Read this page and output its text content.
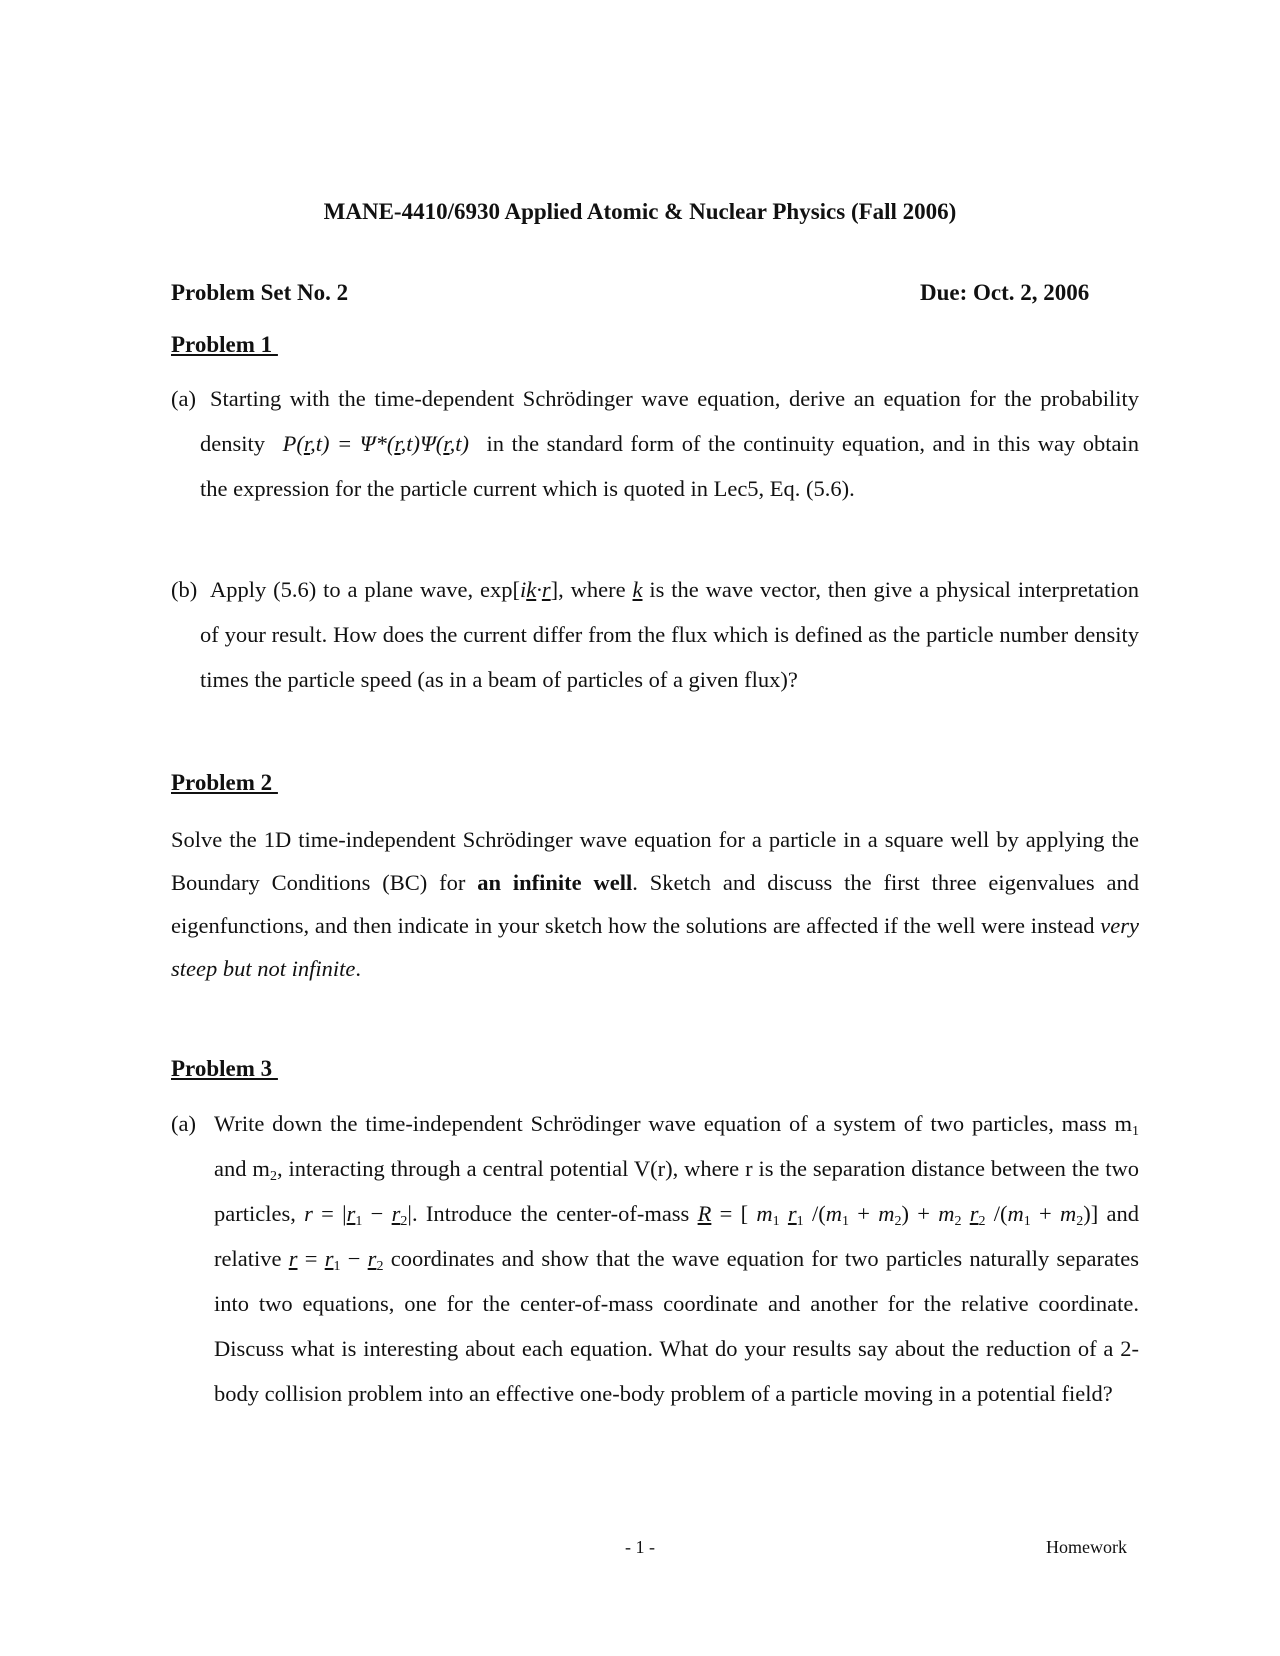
MANE-4410/6930 Applied Atomic & Nuclear Physics (Fall 2006)
Problem Set No. 2	Due: Oct. 2, 2006
Problem 1
(a) Starting with the time-dependent Schrödinger wave equation, derive an equation for the probability density P(r,t) = Ψ*(r,t)Ψ(r,t) in the standard form of the continuity equation, and in this way obtain the expression for the particle current which is quoted in Lec5, Eq. (5.6).
(b) Apply (5.6) to a plane wave, exp[ik·r], where k is the wave vector, then give a physical interpretation of your result. How does the current differ from the flux which is defined as the particle number density times the particle speed (as in a beam of particles of a given flux)?
Problem 2
Solve the 1D time-independent Schrödinger wave equation for a particle in a square well by applying the Boundary Conditions (BC) for an infinite well. Sketch and discuss the first three eigenvalues and eigenfunctions, and then indicate in your sketch how the solutions are affected if the well were instead very steep but not infinite.
Problem 3
(a) Write down the time-independent Schrödinger wave equation of a system of two particles, mass $m_1$ and $m_2$, interacting through a central potential V(r), where r is the separation distance between the two particles, $r = |r_1 - r_2|$. Introduce the center-of-mass R = [ $m_1$ $r_1$ $/(m_1 + m_2) + m_2$ $r_2$ $/(m_1 + m_2)$] and relative $r = r_1 - r_2$ coordinates and show that the wave equation for two particles naturally separates into two equations, one for the center-of-mass coordinate and another for the relative coordinate. Discuss what is interesting about each equation. What do your results say about the reduction of a 2-body collision problem into an effective one-body problem of a particle moving in a potential field?
- 1 -	Homework
